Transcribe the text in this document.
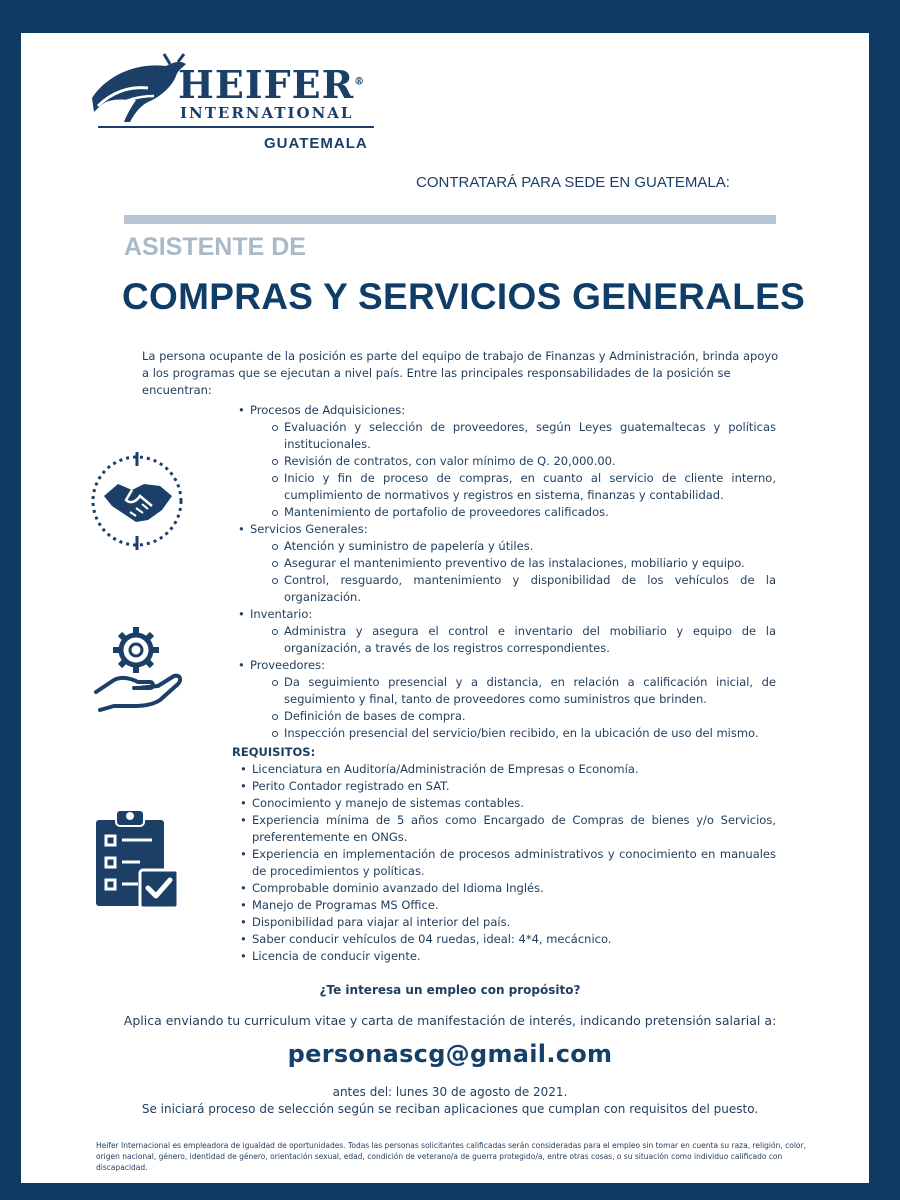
HEIFER®
INTERNATIONAL
GUATEMALA
CONTRATARÁ PARA SEDE EN GUATEMALA:
ASISTENTE DE
COMPRAS Y SERVICIOS GENERALES
La persona ocupante de la posición es parte del equipo de trabajo de Finanzas y Administración, brinda apoyo a los programas que se ejecutan a nivel país. Entre las principales responsabilidades de la posición se encuentran:
• Procesos de Adquisiciones:
Evaluación y selección de proveedores, según Leyes guatemaltecas y políticas institucionales.
Revisión de contratos, con valor mínimo de Q. 20,000.00.
Inicio y fin de proceso de compras, en cuanto al servicio de cliente interno, cumplimiento de normativos y registros en sistema, finanzas y contabilidad.
Mantenimiento de portafolio de proveedores calificados.
• Servicios Generales:
Atención y suministro de papelería y útiles.
Asegurar el mantenimiento preventivo de las instalaciones, mobiliario y equipo.
Control, resguardo, mantenimiento y disponibilidad de los vehículos de la organización.
• Inventario:
Administra y asegura el control e inventario del mobiliario y equipo de la organización, a través de los registros correspondientes.
• Proveedores:
Da seguimiento presencial y a distancia, en relación a calificación inicial, de seguimiento y final, tanto de proveedores como suministros que brinden.
Definición de bases de compra.
Inspección presencial del servicio/bien recibido, en la ubicación de uso del mismo.
REQUISITOS:
• Licenciatura en Auditoría/Administración de Empresas o Economía.
• Perito Contador registrado en SAT.
• Conocimiento y manejo de sistemas contables.
• Experiencia mínima de 5 años como Encargado de Compras de bienes y/o Servicios, preferentemente en ONGs.
• Experiencia en implementación de procesos administrativos y conocimiento en manuales de procedimientos y políticas.
• Comprobable dominio avanzado del Idioma Inglés.
• Manejo de Programas MS Office.
• Disponibilidad para viajar al interior del país.
• Saber conducir vehículos de 04 ruedas, ideal: 4*4, mecácnico.
• Licencia de conducir vigente.
¿Te interesa un empleo con propósito?
Aplica enviando tu curriculum vitae y carta de manifestación de interés, indicando pretensión salarial a:
personascg@gmail.com
antes del: lunes 30 de agosto de 2021.
Se iniciará proceso de selección según se reciban aplicaciones que cumplan con requisitos del puesto.
Heifer Internacional es empleadora de igualdad de oportunidades. Todas las personas solicitantes calificadas serán consideradas para el empleo sin tomar en cuenta su raza, religión, color, origen nacional, género, identidad de género, orientación sexual, edad, condición de veterano/a de guerra protegido/a, entre otras cosas, o su situación como individuo calificado con discapacidad.
